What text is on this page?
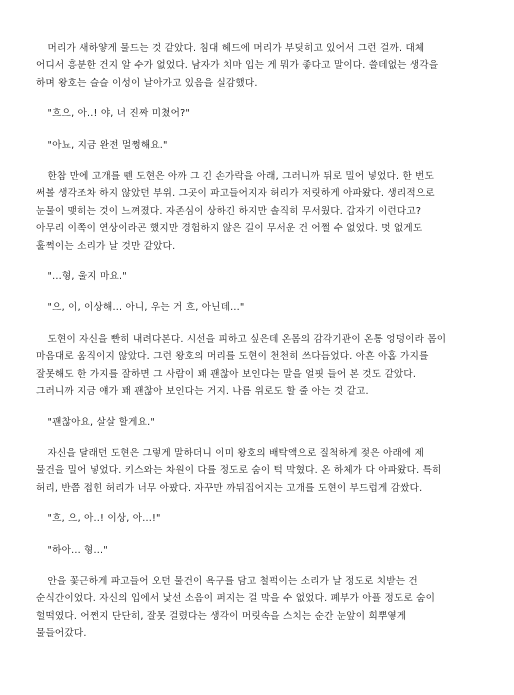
머리가 새하얗게 물드는 것 같았다. 침대 헤드에 머리가 부딪히고 있어서 그런 걸까. 대체
어디서 흥분한 건지 알 수가 없었다. 남자가 치마 입는 게 뭐가 좋다고 말이다. 쓸데없는 생각을
하며 왕호는 슬슬 이성이 날아가고 있음을 실감했다.

"흐으, 아..! 야, 너 진짜 미쳤어?"

"아뇨, 지금 완전 멀쩡해요."

한참 만에 고개를 뗀 도현은 아까 그 긴 손가락을 아래, 그러니까 뒤로 밀어 넣었다. 한 번도
써볼 생각조차 하지 않았던 부위. 그곳이 파고들어지자 허리가 저릿하게 아파왔다. 생리적으로
눈물이 맺히는 것이 느껴졌다. 자존심이 상하긴 하지만 솔직히 무서웠다. 갑자기 이런다고?
아무리 이쪽이 연상이라곤 했지만 경험하지 않은 길이 무서운 건 어쩔 수 없었다. 멋 없게도
훌쩍이는 소리가 날 것만 같았다.

"...형, 울지 마요."

"으, 이, 이상해... 아니, 우는 거 흐, 아닌데..."

도현이 자신을 빤히 내려다본다. 시선을 피하고 싶은데 온몸의 감각기관이 온통 엉덩이라 몸이
마음대로 움직이지 않았다. 그런 왕호의 머리를 도현이 천천히 쓰다듬었다. 아흔 아홉 가지를
잘못해도 한 가지를 잘하면 그 사람이 꽤 괜찮아 보인다는 말을 얼핏 들어 본 것도 같았다.
그러니까 지금 얘가 꽤 괜찮아 보인다는 거지. 나름 위로도 할 줄 아는 것 같고.

"괜찮아요, 살살 할게요."

자신을 달래던 도현은 그렇게 말하더니 이미 왕호의 배탁액으로 질척하게 젖은 아래에 제
물건을 밀어 넣었다. 키스와는 차원이 다를 정도로 숨이 턱 막혔다. 온 하체가 다 아파왔다. 특히
허리, 반쯤 접힌 허리가 너무 아팠다. 자꾸만 까뒤집어지는 고개를 도현이 부드럽게 감쌌다.

"흐, 으, 아..! 이상, 아...!"

"하아... 형..."

안을 꽃근하게 파고들어 오던 물건이 욕구를 담고 철퍽이는 소리가 날 정도로 치받는 건
순식간이었다. 자신의 입에서 낯선 소음이 퍼지는 걸 막을 수 없었다. 폐부가 아플 정도로 숨이
헐떡였다. 어쩐지 단단히, 잘못 걸렸다는 생각이 머릿속을 스치는 순간 눈앞이 희뿌옇게
물들어갔다.
